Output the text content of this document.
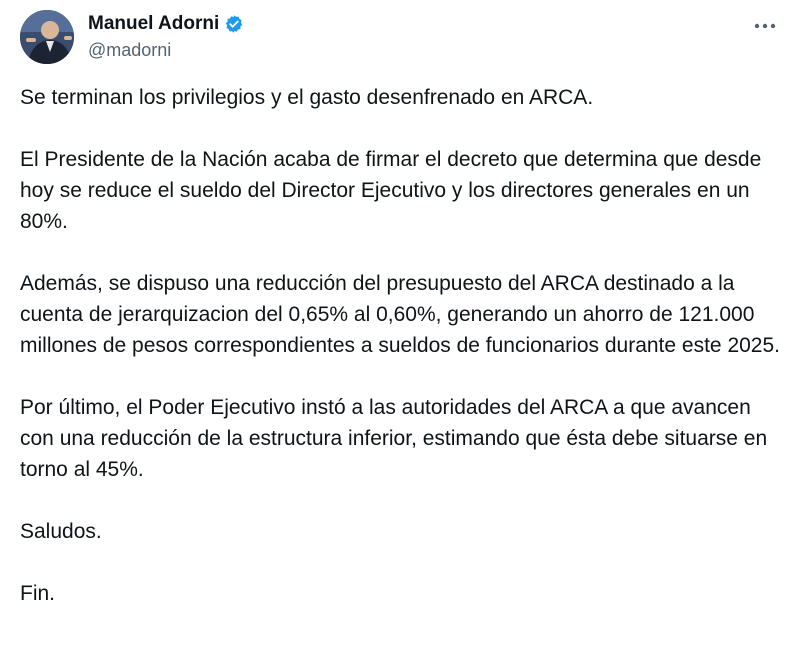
Manuel Adorni
@madorni

Se terminan los privilegios y el gasto desenfrenado en ARCA.

El Presidente de la Nación acaba de firmar el decreto que determina que desde hoy se reduce el sueldo del Director Ejecutivo y los directores generales en un 80%.

Además, se dispuso una reducción del presupuesto del ARCA destinado a la cuenta de jerarquizacion del 0,65% al 0,60%, generando un ahorro de 121.000 millones de pesos correspondientes a sueldos de funcionarios durante este 2025.

Por último, el Poder Ejecutivo instó a las autoridades del ARCA a que avancen con una reducción de la estructura inferior, estimando que ésta debe situarse en torno al 45%.

Saludos.

Fin.
